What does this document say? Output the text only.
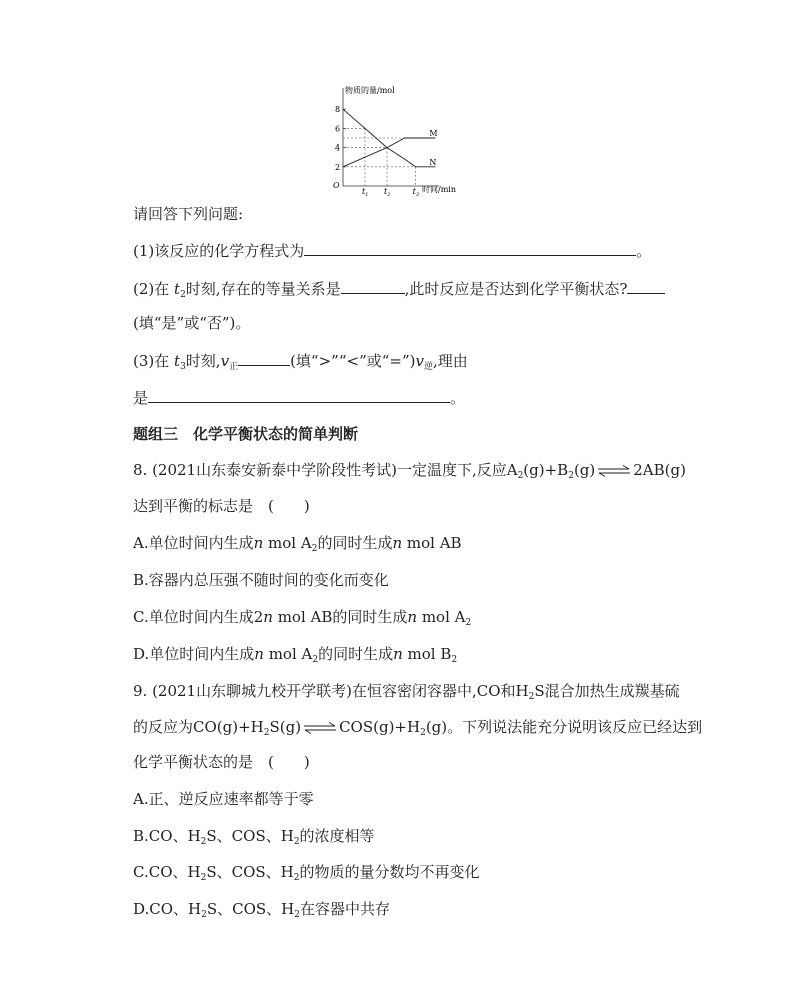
物质的量/mol
时间/min
O
8
6
4
2
$t_1$ $t_2$	$t_3$
M
N
请回答下列问题:
(1)该反应的化学方程式为	。
(2)在 $t_2$时刻,存在的等量关系是	,此时反应是否达到化学平衡状态?
(填“是”或“否”)。
(3)在 $t_3$时刻$,v_正$	(填“>”“<”或“$=”)v_逆$,理由
是	。
题组三　化学平衡状态的简单判断
8. (2021山东泰安新泰中学阶段性考试)一定温度下,反应$A_2(g)+B_2(g)$ ⇌ 2AB(g)
达到平衡的标志是　(　　)
A.单位时间内生成n mol $A_2$的同时生成n mol AB
B.容器内总压强不随时间的变化而变化
C.单位时间内生成2n mol AB的同时生成n mol $A_2$
D.单位时间内生成n mol $A_2$的同时生成n mol $B_2$
9. (2021山东聊城九校开学联考)在恒容密闭容器中,CO和$H_2S$混合加热生成羰基硫
的反应为$CO(g)+H_2S(g)$ ⇌ $COS(g)+H_2(g)$。下列说法能充分说明该反应已经达到
化学平衡状态的是　(　　)
A.正、逆反应速率都等于零
B.CO、$H_2S$、COS、$H_2$的浓度相等
C.CO、$H_2S$、COS、$H_2$的物质的量分数均不再变化
D.CO、$H_2S$、COS、$H_2$在容器中共存
